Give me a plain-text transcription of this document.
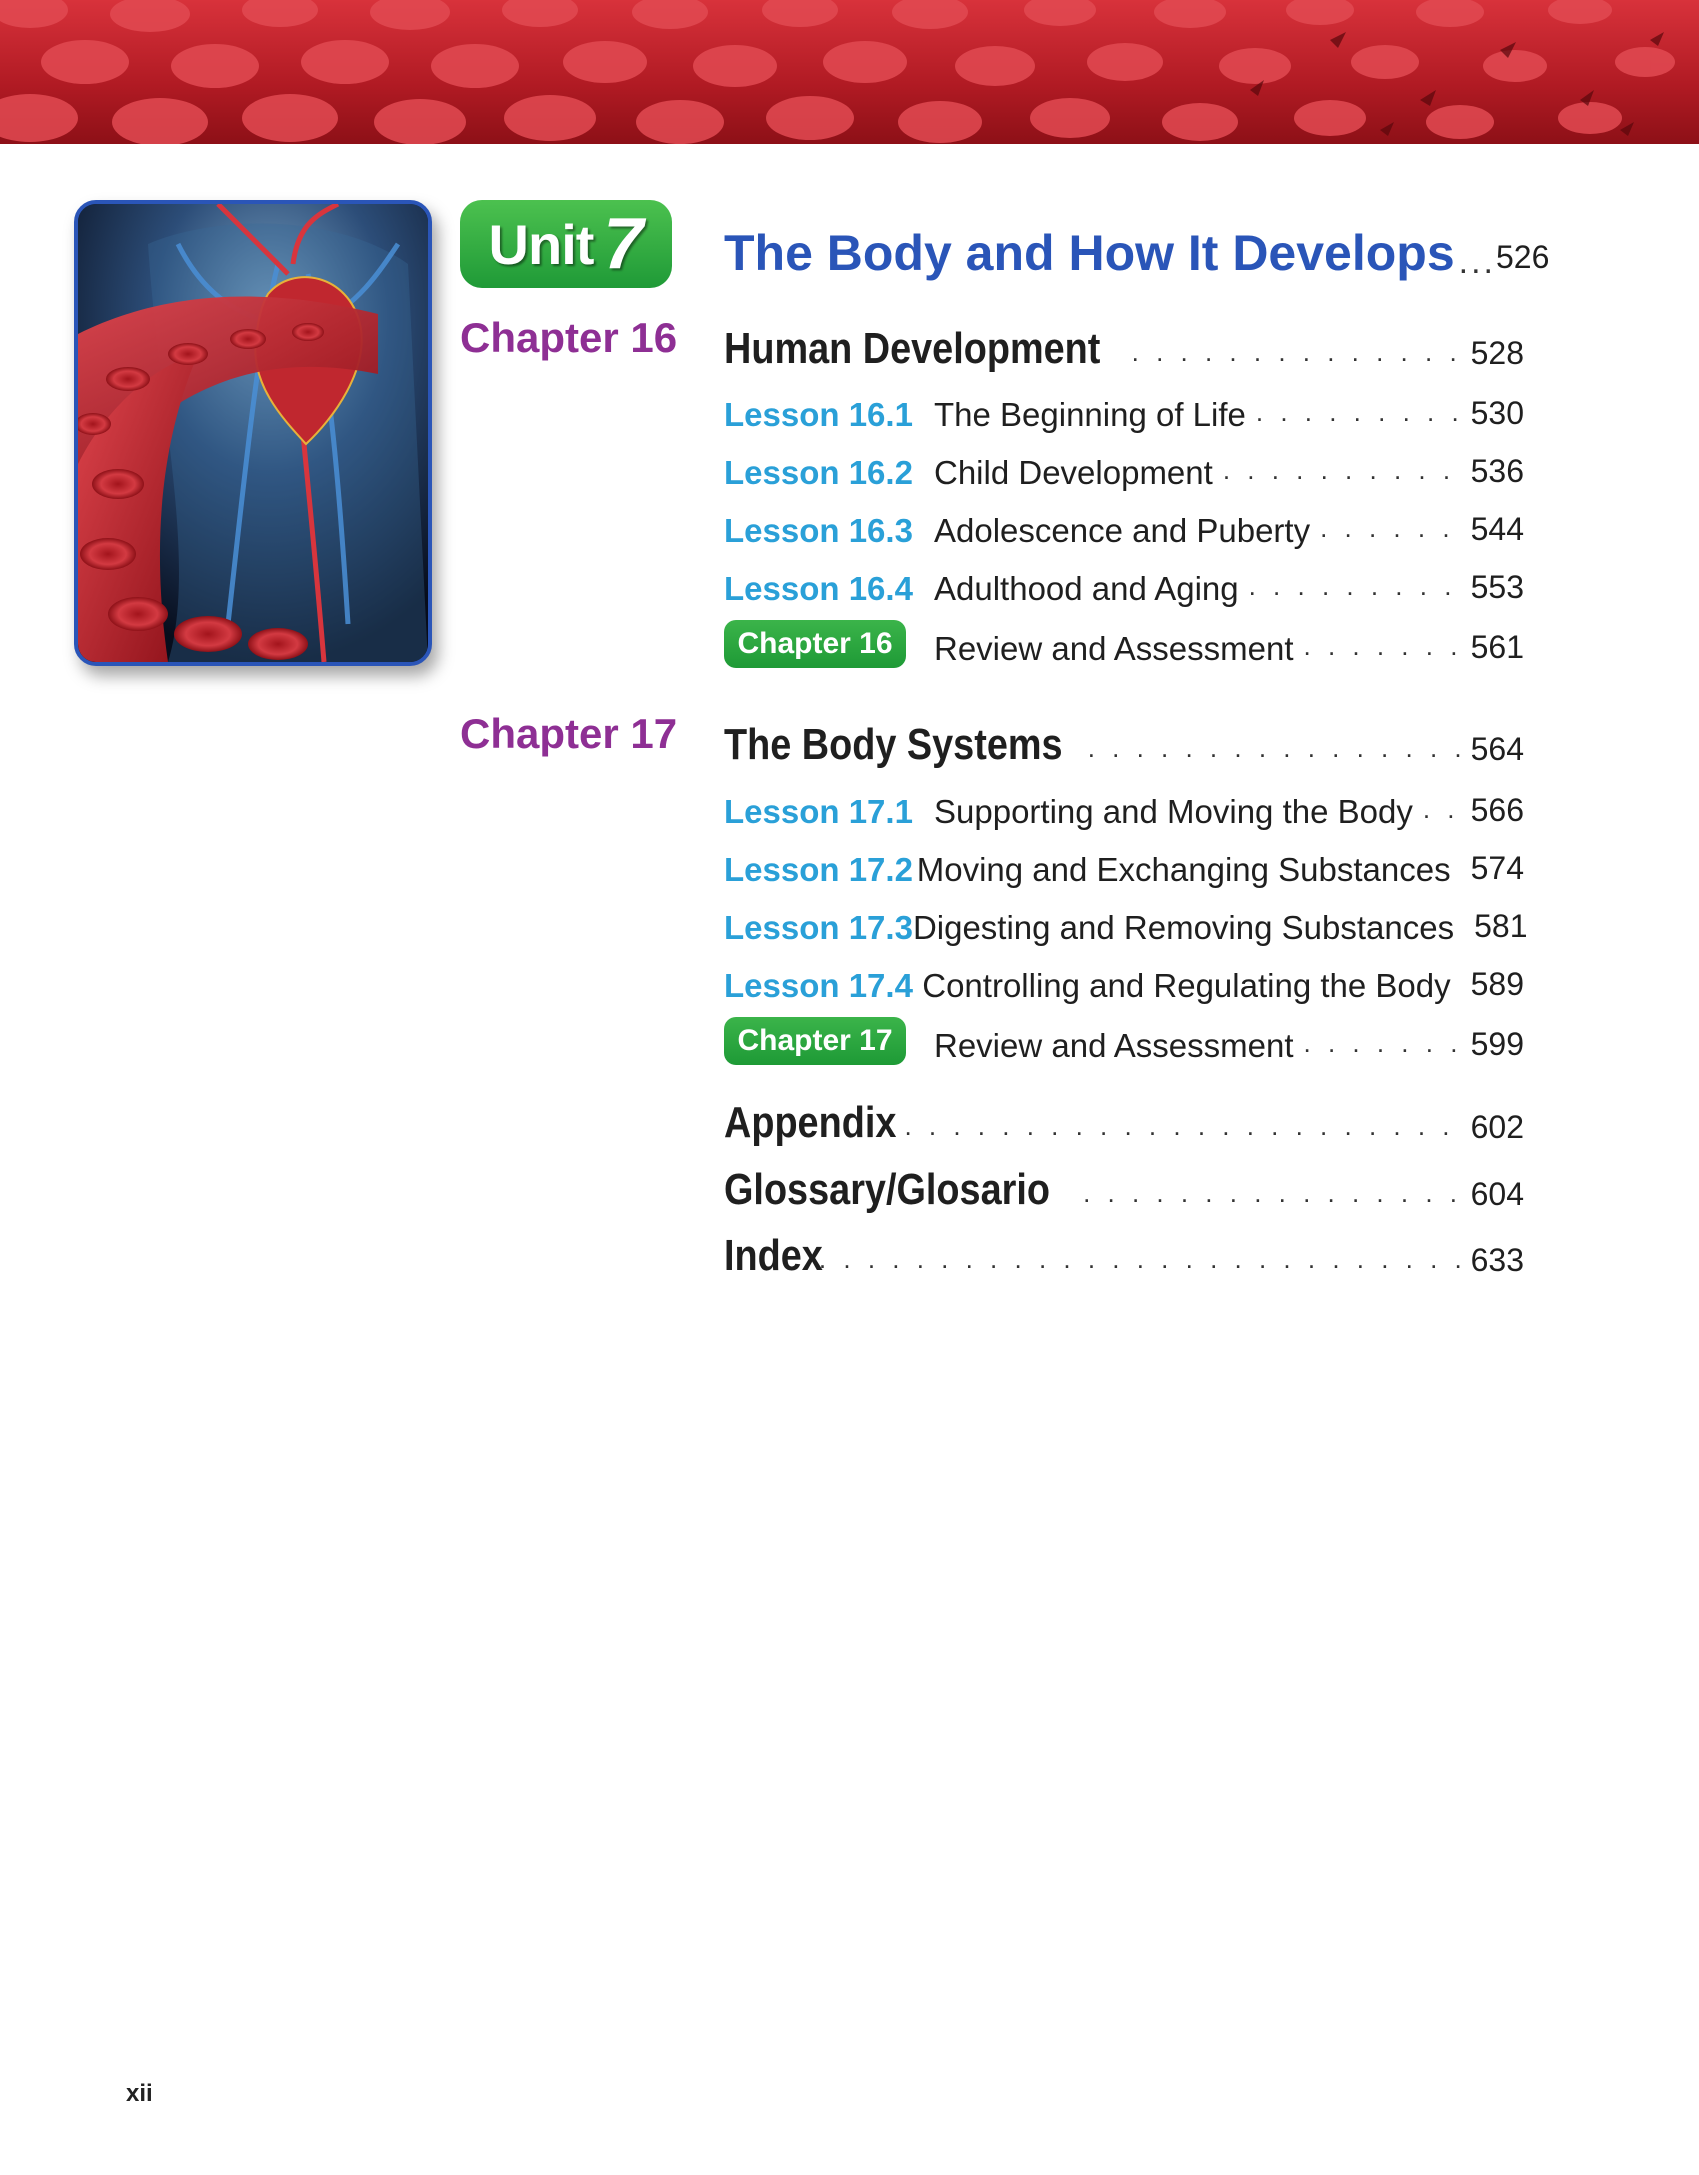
Unit 7 The Body and How It Develops ... 526
Chapter 16 Human Development . . .	528
Lesson 16.1 The Beginning of Life . . .	530
Lesson 16.2 Child Development . . .	536
Lesson 16.3 Adolescence and Puberty . . .	544
Lesson 16.4 Adulthood and Aging . . .	553
Chapter 16	Review and Assessment . . .	561
Chapter 17 The Body Systems . . .	564
Lesson 17.1 Supporting and Moving the Body . . . 566
Lesson 17.2 Moving and Exchanging Substances 574
Lesson 17.3 Digesting and Removing Substances 581
Lesson 17.4 Controlling and Regulating the Body 589
Chapter 17	Review and Assessment . . .	599
Appendix . . .	602
Glossary/Glosario . . .	604
Index . . .	633
xii
